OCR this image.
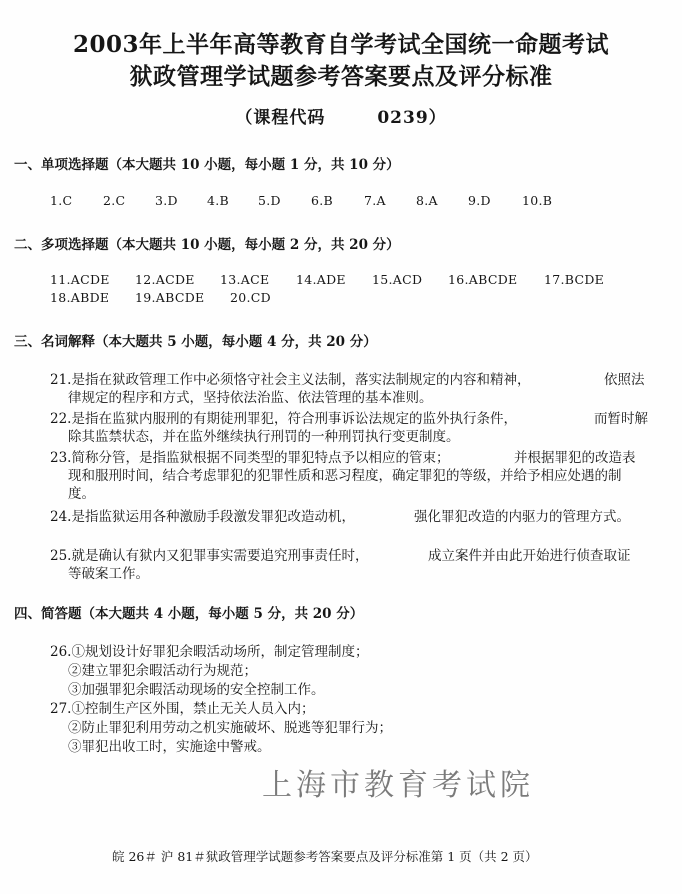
2003年上半年高等教育自学考试全国统一命题考试
狱政管理学试题参考答案要点及评分标准
（课程代码	0239）
一、单项选择题（本大题共 10 小题，每小题 1 分，共 10 分）
1.C 2.C 3.D 4.B 5.D 6.B 7.A 8.A 9.D 10.B
二、多项选择题（本大题共 10 小题，每小题 2 分，共 20 分）
11.ACDE 12.ACDE 13.ACE 14.ADE 15.ACD 16.ABCDE 17.BCDE
18.ABDE 19.ABCDE 20.CD
三、名词解释（本大题共 5 小题，每小题 4 分，共 20 分）
21.是指在狱政管理工作中必须恪守社会主义法制，落实法制规定的内容和精神，	依照法
律规定的程序和方式，坚持依法治监、依法管理的基本准则。
22.是指在监狱内服刑的有期徒刑罪犯，符合刑事诉讼法规定的监外执行条件，	而暂时解
除其监禁状态，并在监外继续执行刑罚的一种刑罚执行变更制度。
23.简称分管，是指监狱根据不同类型的罪犯特点予以相应的管束；	并根据罪犯的改造表
现和服刑时间，结合考虑罪犯的犯罪性质和恶习程度，确定罪犯的等级，并给予相应处遇的制
度。
24.是指监狱运用各种激励手段激发罪犯改造动机，	强化罪犯改造的内驱力的管理方式。
25.就是确认有狱内又犯罪事实需要追究刑事责任时，	成立案件并由此开始进行侦查取证
等破案工作。
四、简答题（本大题共 4 小题，每小题 5 分，共 20 分）
26.①规划设计好罪犯余暇活动场所，制定管理制度；
②建立罪犯余暇活动行为规范；
③加强罪犯余暇活动现场的安全控制工作。
27.①控制生产区外围，禁止无关人员入内；
②防止罪犯利用劳动之机实施破坏、脱逃等犯罪行为；
③罪犯出收工时，实施途中警戒。
上海市教育考试院
皖 26＃ 沪 81＃狱政管理学试题参考答案要点及评分标准第 1 页（共 2 页）
